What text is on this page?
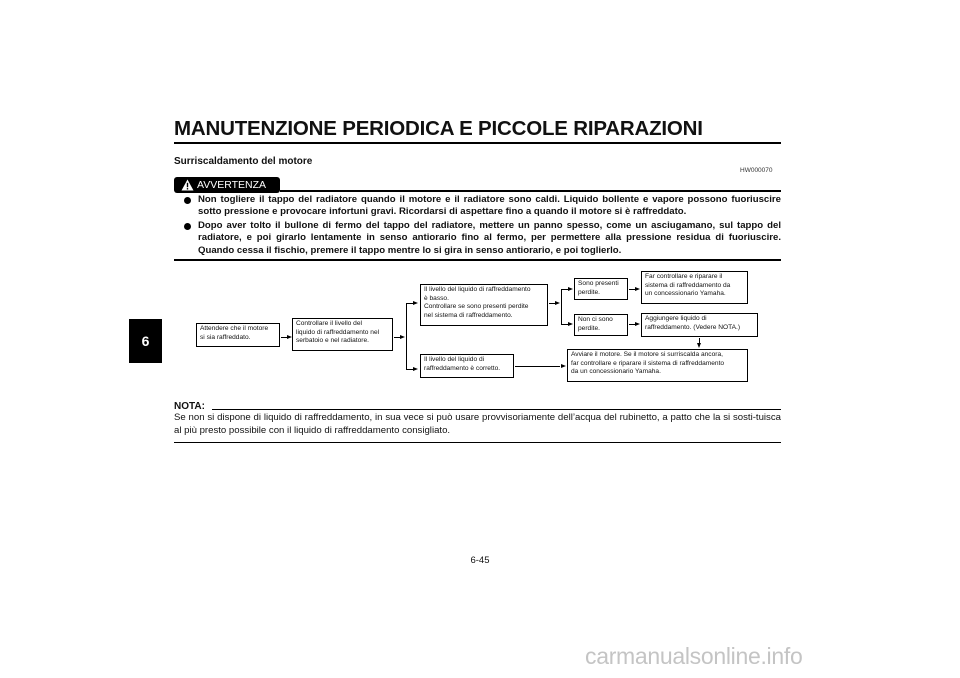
MANUTENZIONE PERIODICA E PICCOLE RIPARAZIONI
6
Surriscaldamento del motore
HW000070
AVVERTENZA
Non togliere il tappo del radiatore quando il motore e il radiatore sono caldi. Liquido bollente e vapore possono fuoriuscire sotto pressione e provocare infortuni gravi. Ricordarsi di aspettare fino a quando il motore si è raffreddato.
Dopo aver tolto il bullone di fermo del tappo del radiatore, mettere un panno spesso, come un asciugamano, sul tappo del radiatore, e poi girarlo lentamente in senso antiorario fino al fermo, per permettere alla pressione residua di fuoriuscire. Quando cessa il fischio, premere il tappo mentre lo si gira in senso antiorario, e poi toglierlo.
Attendere che il motore
si sia raffreddato.
Controllare il livello del
liquido di raffreddamento nel
serbatoio e nel radiatore.
Il livello del liquido di raffreddamento
è basso.
Controllare se sono presenti perdite
nel sistema di raffreddamento.
Il livello del liquido di
raffreddamento è corretto.
Sono presenti
perdite.
Non ci sono
perdite.
Far controllare e riparare il
sistema di raffreddamento da
un concessionario Yamaha.
Aggiungere liquido di
raffreddamento. (Vedere NOTA.)
Avviare il motore. Se il motore si surriscalda ancora,
far controllare e riparare il sistema di raffreddamento
da un concessionario Yamaha.
NOTA:
Se non si dispone di liquido di raffreddamento, in sua vece si può usare provvisoriamente dell’acqua del rubinetto, a patto che la si sosti-tuisca al più presto possibile con il liquido di raffreddamento consigliato.
6-45
carmanualsonline.info
